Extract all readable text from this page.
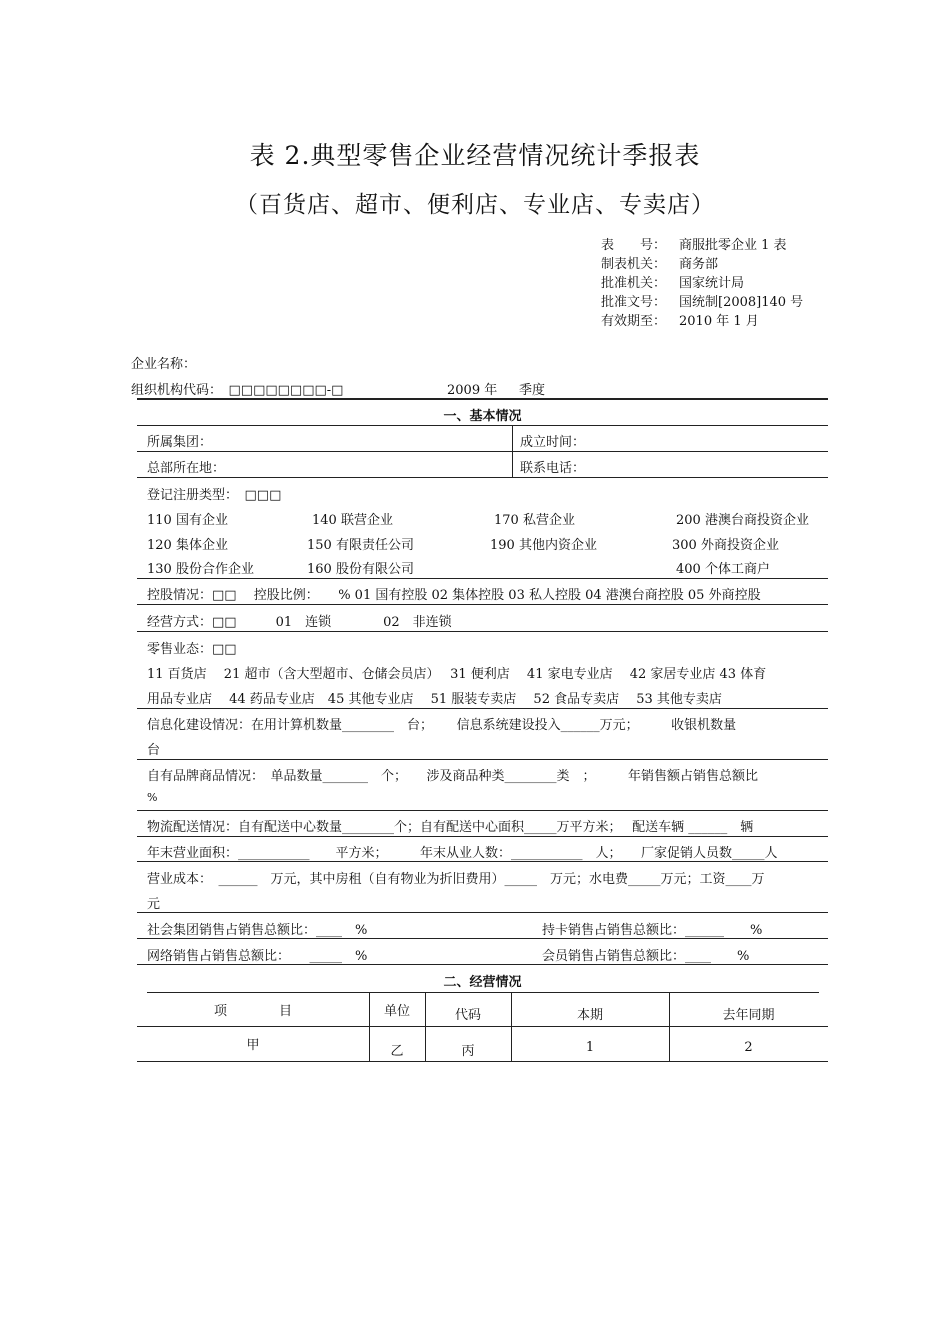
表 2.典型零售企业经营情况统计季报表
（百货店、超市、便利店、专业店、专卖店）
表　　号： 商服批零企业 1 表
制表机关： 商务部
批准机关： 国家统计局
批准文号： 国统制[2008]140 号
有效期至： 2010 年 1 月
企业名称：
组织机构代码：　□□□□□□□□-□	2009 年 季度
一、基本情况
所属集团：	成立时间：
总部所在地：	联系电话：
登记注册类型：　□□□
110 国有企业	140 联营企业	170 私营企业	200 港澳台商投资企业
120 集体企业	150 有限责任公司	190 其他内资企业	300 外商投资企业
130 股份合作企业	160 股份有限公司	400 个体工商户
控股情况：□□　 控股比例：　　% 01 国有控股 02 集体控股 03 私人控股 04 港澳台商控股 05 外商控股
经营方式：□□　　　01　连锁　　　　02　非连锁
零售业态：□□
11 百货店　 21 超市（含大型超市、仓储会员店）　 31 便利店　 41 家电专业店　 42 家居专业店 43 体育
用品专业店　 44 药品专业店　45 其他专业店　 51 服装专卖店　 52 食品专卖店　 53 其他专卖店
信息化建设情况：在用计算机数量________　台；　　 信息系统建设投入______万元；　　　收银机数量
台
自有品牌商品情况：　单品数量_______　个；　　涉及商品种类________类　；　　　年销售额占销售总额比
%
物流配送情况：自有配送中心数量________个；自有配送中心面积_____万平方米；　 配送车辆 ______　辆
年末营业面积：___________　　平方米；　　　年末从业人数：___________　人；　　厂家促销人员数_____人
营业成本：　______　万元，其中房租（自有物业为折旧费用）_____　万元；水电费_____万元；工资____万
元
社会集团销售占销售总额比：____　%	持卡销售占销售总额比：______　　%
网络销售占销售总额比：　　_____　%	会员销售占销售总额比：____　　%
二、经营情况
项　　　　目	单位	代码	本期	去年同期
甲	乙	丙	1	2
